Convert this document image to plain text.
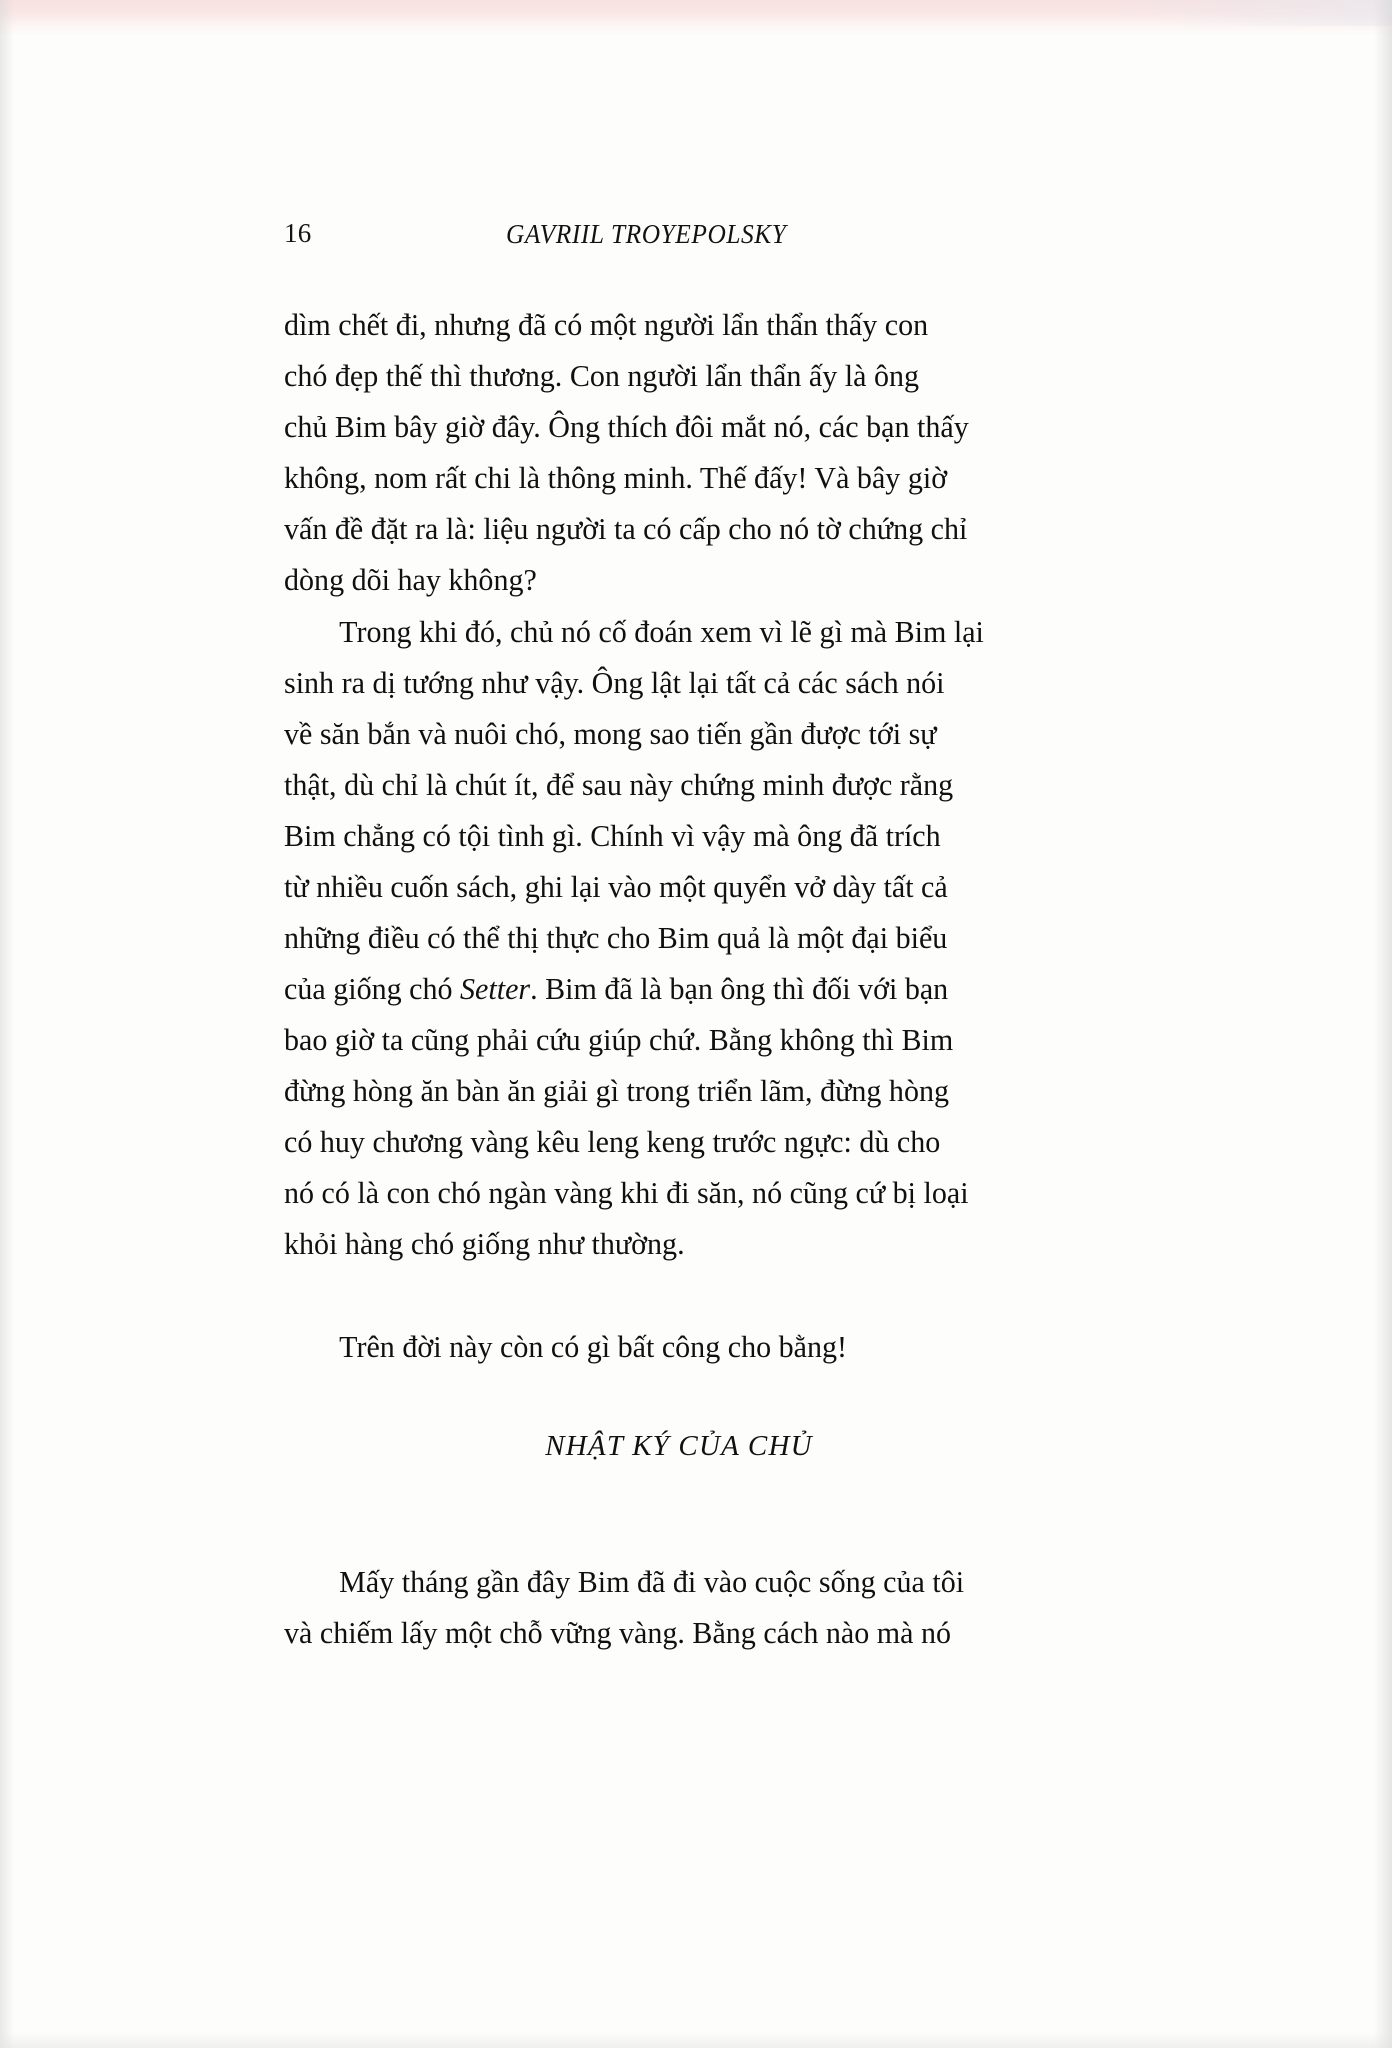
16	GAVRIIL TROYEPOLSKY
dìm chết đi, nhưng đã có một người lẩn thẩn thấy con
chó đẹp thế thì thương. Con người lẩn thẩn ấy là ông
chủ Bim bây giờ đây. Ông thích đôi mắt nó, các bạn thấy
không, nom rất chi là thông minh. Thế đấy! Và bây giờ
vấn đề đặt ra là: liệu người ta có cấp cho nó tờ chứng chỉ
dòng dõi hay không?
Trong khi đó, chủ nó cố đoán xem vì lẽ gì mà Bim lại
sinh ra dị tướng như vậy. Ông lật lại tất cả các sách nói
về săn bắn và nuôi chó, mong sao tiến gần được tới sự
thật, dù chỉ là chút ít, để sau này chứng minh được rằng
Bim chẳng có tội tình gì. Chính vì vậy mà ông đã trích
từ nhiều cuốn sách, ghi lại vào một quyển vở dày tất cả
những điều có thể thị thực cho Bim quả là một đại biểu
của giống chó Setter. Bim đã là bạn ông thì đối với bạn
bao giờ ta cũng phải cứu giúp chứ. Bằng không thì Bim
đừng hòng ăn bàn ăn giải gì trong triển lãm, đừng hòng
có huy chương vàng kêu leng keng trước ngực: dù cho
nó có là con chó ngàn vàng khi đi săn, nó cũng cứ bị loại
khỏi hàng chó giống như thường.
Trên đời này còn có gì bất công cho bằng!
NHẬT KÝ CỦA CHỦ
Mấy tháng gần đây Bim đã đi vào cuộc sống của tôi
và chiếm lấy một chỗ vững vàng. Bằng cách nào mà nó
